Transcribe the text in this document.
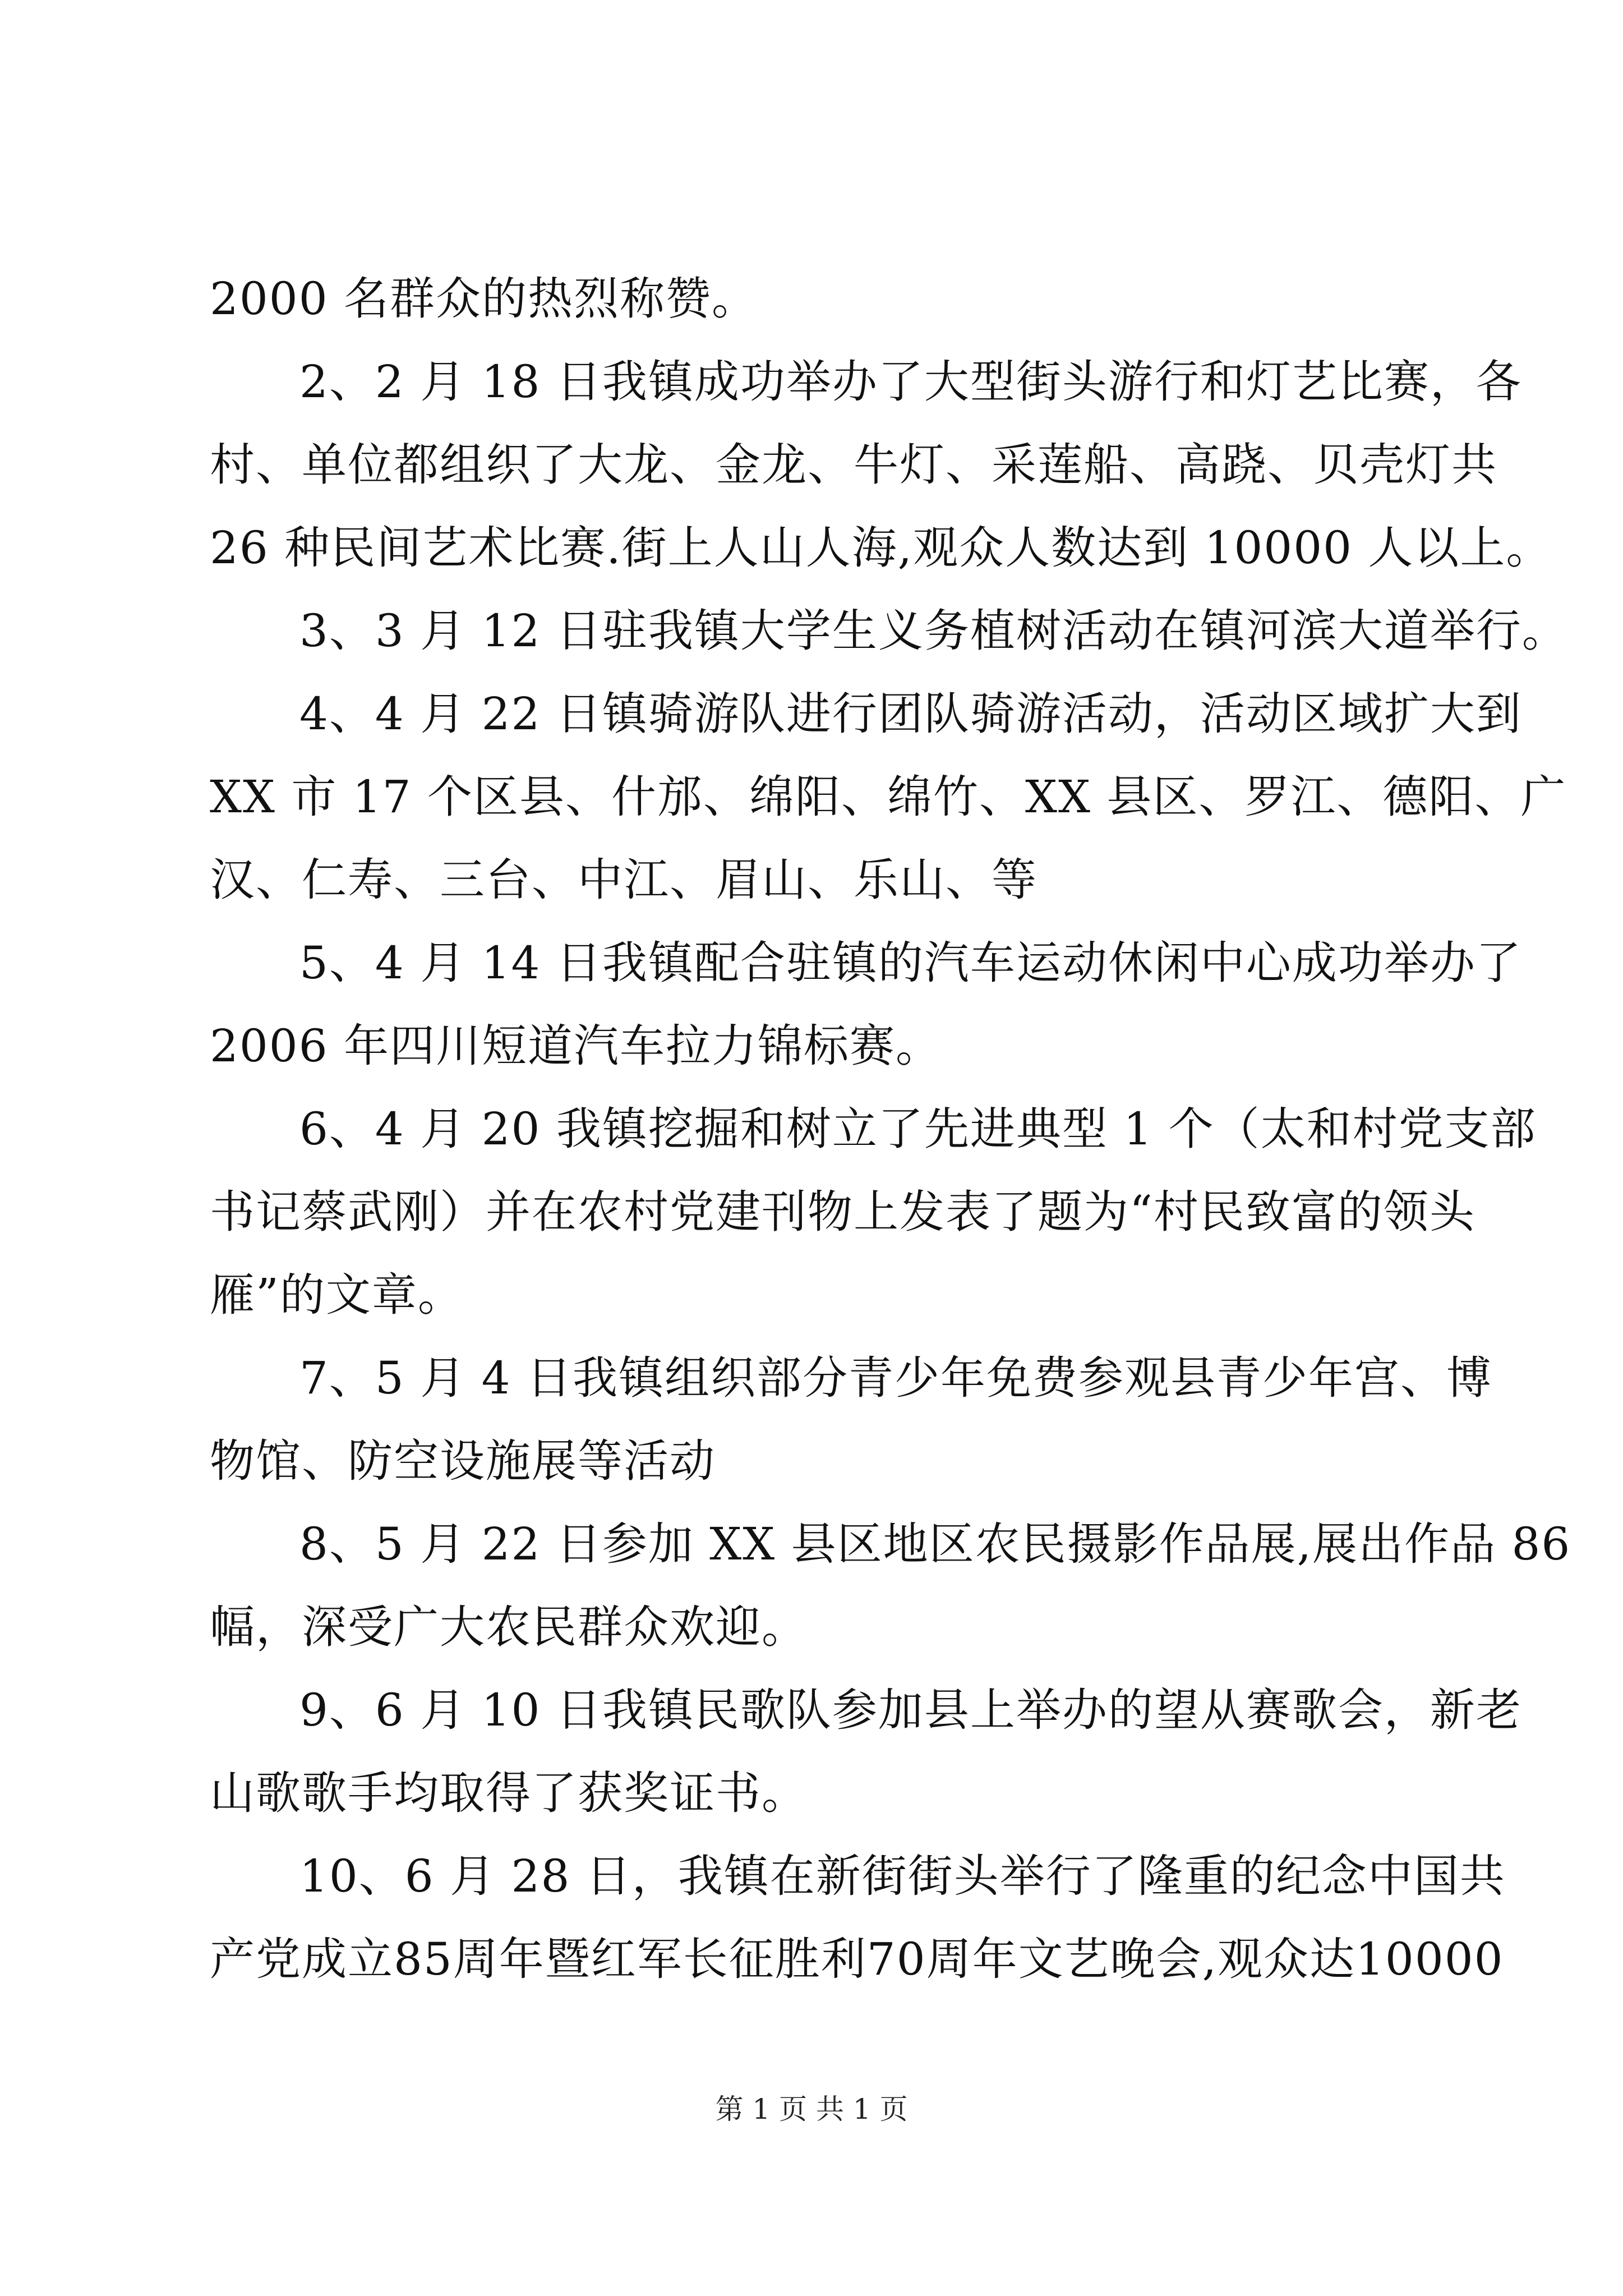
2000 名群众的热烈称赞。
2、2 月 18 日我镇成功举办了大型街头游行和灯艺比赛，各
村、单位都组织了大龙、金龙、牛灯、采莲船、高跷、贝壳灯共
26 种民间艺术比赛.街上人山人海,观众人数达到 10000 人以上。
3、3 月 12 日驻我镇大学生义务植树活动在镇河滨大道举行。
4、4 月 22 日镇骑游队进行团队骑游活动，活动区域扩大到
XX 市 17 个区县、什邡、绵阳、绵竹、XX 县区、罗江、德阳、广
汉、仁寿、三台、中江、眉山、乐山、等
5、4 月 14 日我镇配合驻镇的汽车运动休闲中心成功举办了
2006 年四川短道汽车拉力锦标赛。
6、4 月 20 我镇挖掘和树立了先进典型 1 个（太和村党支部
书记蔡武刚）并在农村党建刊物上发表了题为“村民致富的领头
雁”的文章。
7、5 月 4 日我镇组织部分青少年免费参观县青少年宫、博
物馆、防空设施展等活动
8、5 月 22 日参加 XX 县区地区农民摄影作品展,展出作品 86
幅，深受广大农民群众欢迎。
9、6 月 10 日我镇民歌队参加县上举办的望从赛歌会，新老
山歌歌手均取得了获奖证书。
10、6 月 28 日，我镇在新街街头举行了隆重的纪念中国共
产党成立85周年暨红军长征胜利70周年文艺晚会,观众达10000
第 1 页 共 1 页
